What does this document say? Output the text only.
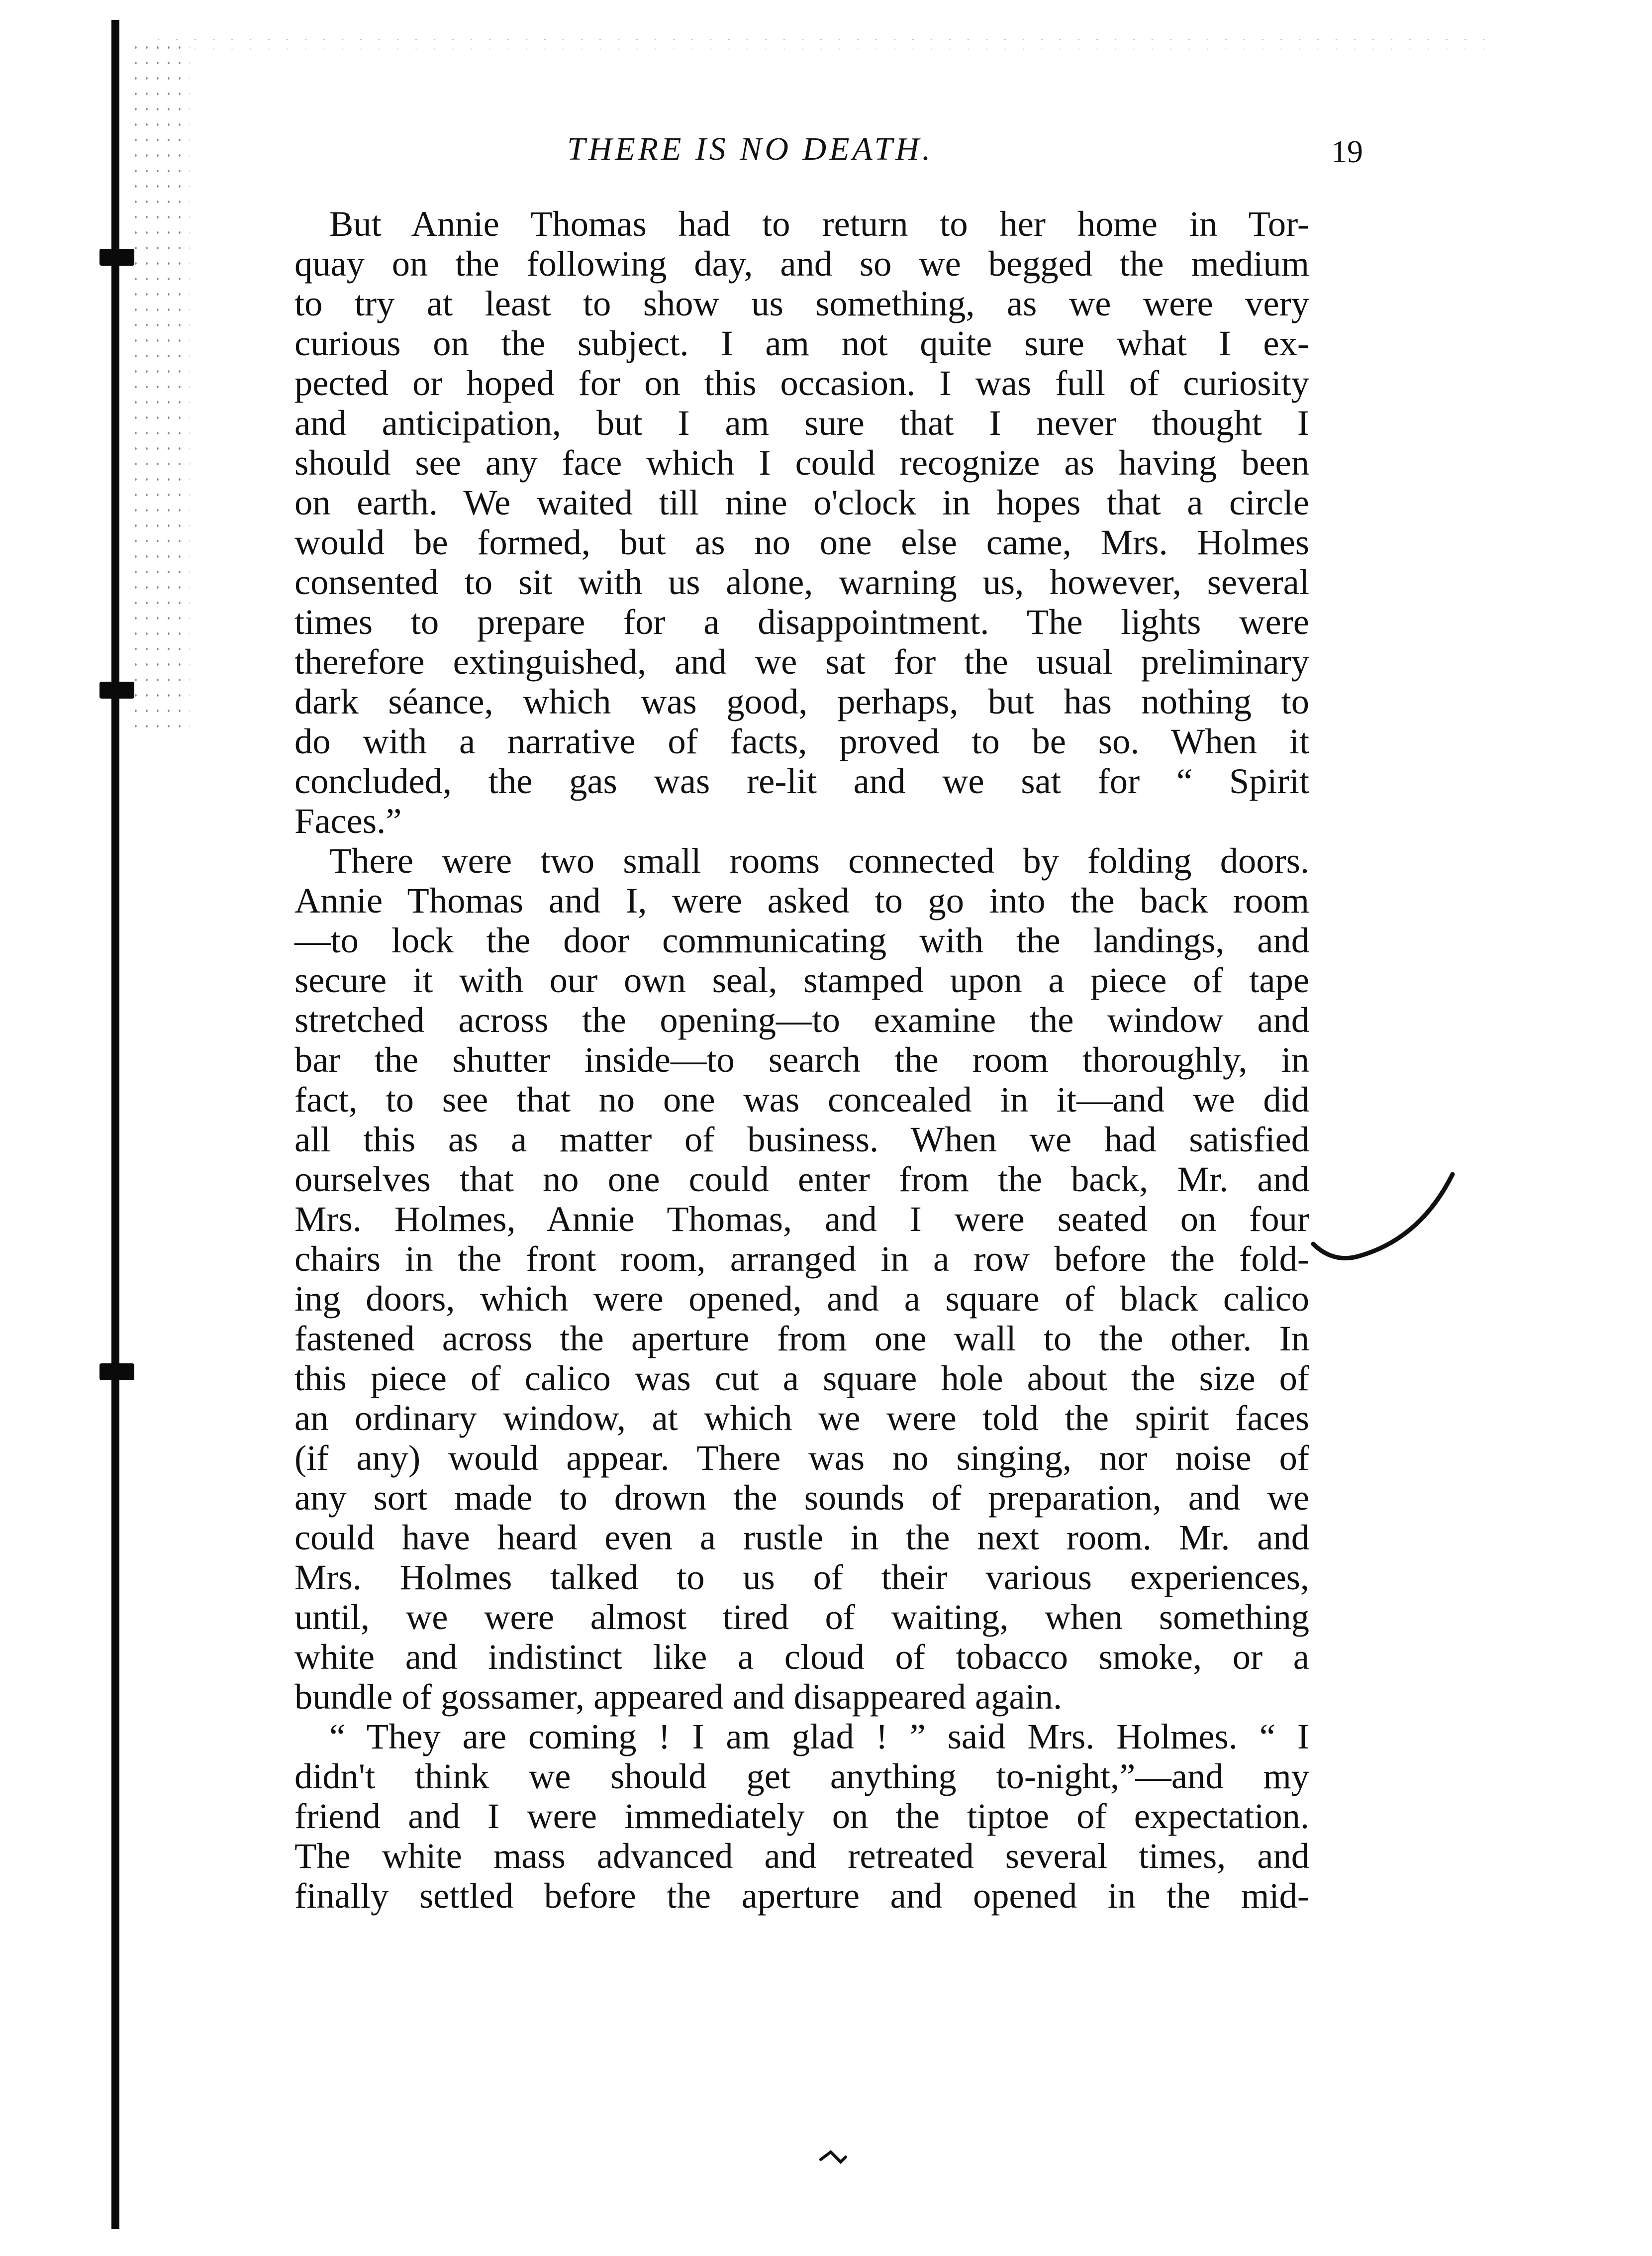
THERE IS NO DEATH.	19
But Annie Thomas had to return to her home in Tor-
quay on the following day, and so we begged the medium
to try at least to show us something, as we were very
curious on the subject. I am not quite sure what I ex-
pected or hoped for on this occasion. I was full of curiosity
and anticipation, but I am sure that I never thought I
should see any face which I could recognize as having been
on earth. We waited till nine o'clock in hopes that a circle
would be formed, but as no one else came, Mrs. Holmes
consented to sit with us alone, warning us, however, several
times to prepare for a disappointment. The lights were
therefore extinguished, and we sat for the usual preliminary
dark séance, which was good, perhaps, but has nothing to
do with a narrative of facts, proved to be so. When it
concluded, the gas was re-lit and we sat for “ Spirit
Faces.”
There were two small rooms connected by folding doors.
Annie Thomas and I, were asked to go into the back room
—to lock the door communicating with the landings, and
secure it with our own seal, stamped upon a piece of tape
stretched across the opening—to examine the window and
bar the shutter inside—to search the room thoroughly, in
fact, to see that no one was concealed in it—and we did
all this as a matter of business. When we had satisfied
ourselves that no one could enter from the back, Mr. and
Mrs. Holmes, Annie Thomas, and I were seated on four
chairs in the front room, arranged in a row before the fold-
ing doors, which were opened, and a square of black calico
fastened across the aperture from one wall to the other. In
this piece of calico was cut a square hole about the size of
an ordinary window, at which we were told the spirit faces
(if any) would appear. There was no singing, nor noise of
any sort made to drown the sounds of preparation, and we
could have heard even a rustle in the next room. Mr. and
Mrs. Holmes talked to us of their various experiences,
until, we were almost tired of waiting, when something
white and indistinct like a cloud of tobacco smoke, or a
bundle of gossamer, appeared and disappeared again.
“ They are coming ! I am glad ! ” said Mrs. Holmes. “ I
didn't think we should get anything to-night,”—and my
friend and I were immediately on the tiptoe of expectation.
The white mass advanced and retreated several times, and
finally settled before the aperture and opened in the mid-
